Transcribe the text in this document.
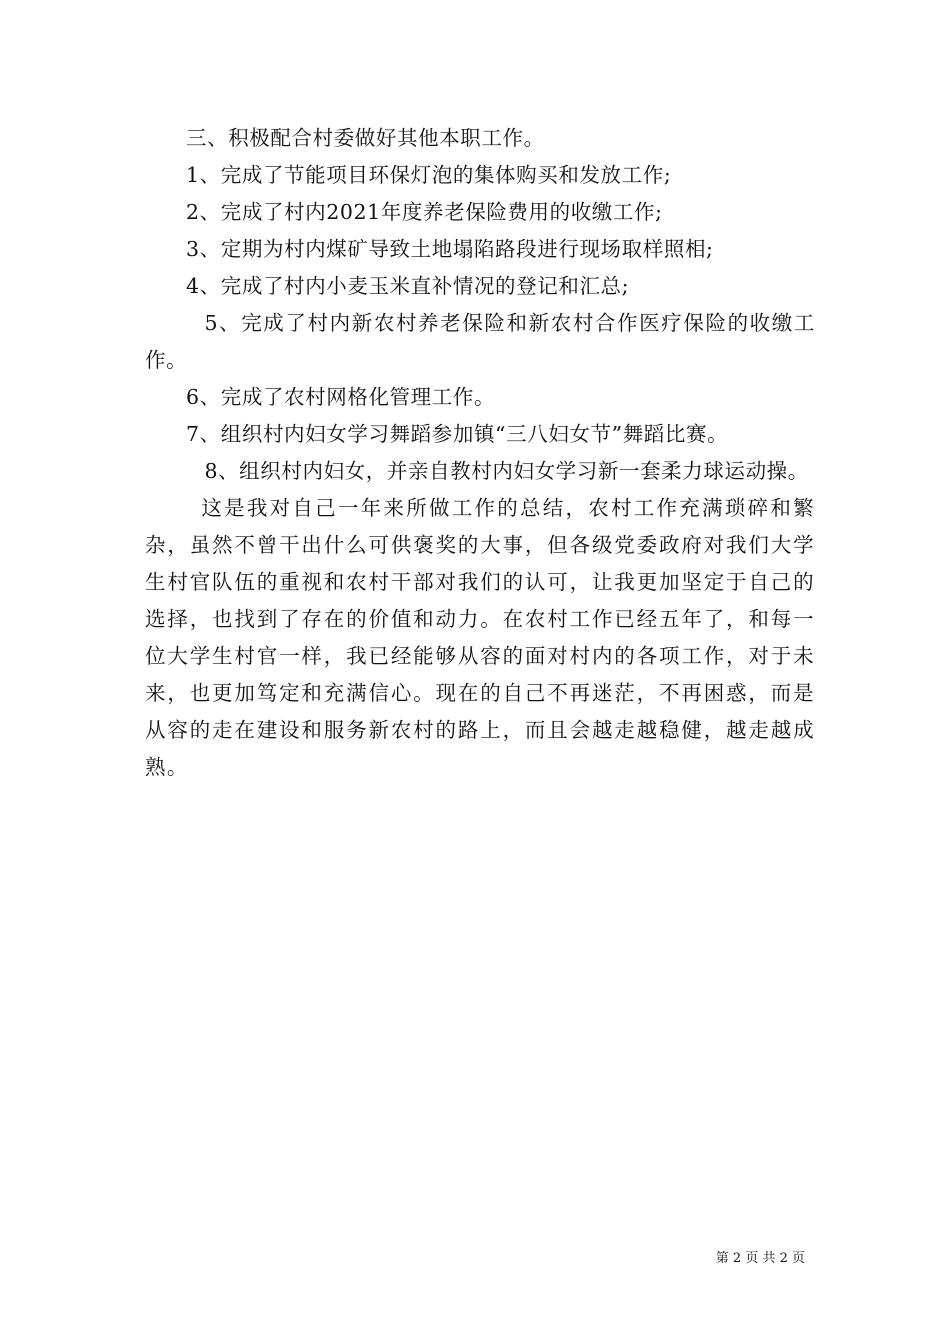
三、积极配合村委做好其他本职工作。

1、完成了节能项目环保灯泡的集体购买和发放工作;

2、完成了村内2021年度养老保险费用的收缴工作;

3、定期为村内煤矿导致土地塌陷路段进行现场取样照相;

4、完成了村内小麦玉米直补情况的登记和汇总;

5、完成了村内新农村养老保险和新农村合作医疗保险的收缴工作。

6、完成了农村网格化管理工作。

7、组织村内妇女学习舞蹈参加镇“三八妇女节”舞蹈比赛。

8、组织村内妇女，并亲自教村内妇女学习新一套柔力球运动操。

这是我对自己一年来所做工作的总结，农村工作充满琐碎和繁杂，虽然不曾干出什么可供褒奖的大事，但各级党委政府对我们大学生村官队伍的重视和农村干部对我们的认可，让我更加坚定于自己的选择，也找到了存在的价值和动力。在农村工作已经五年了，和每一位大学生村官一样，我已经能够从容的面对村内的各项工作，对于未来，也更加笃定和充满信心。现在的自己不再迷茫，不再困惑，而是从容的走在建设和服务新农村的路上，而且会越走越稳健，越走越成熟。

第 2 页 共 2 页
